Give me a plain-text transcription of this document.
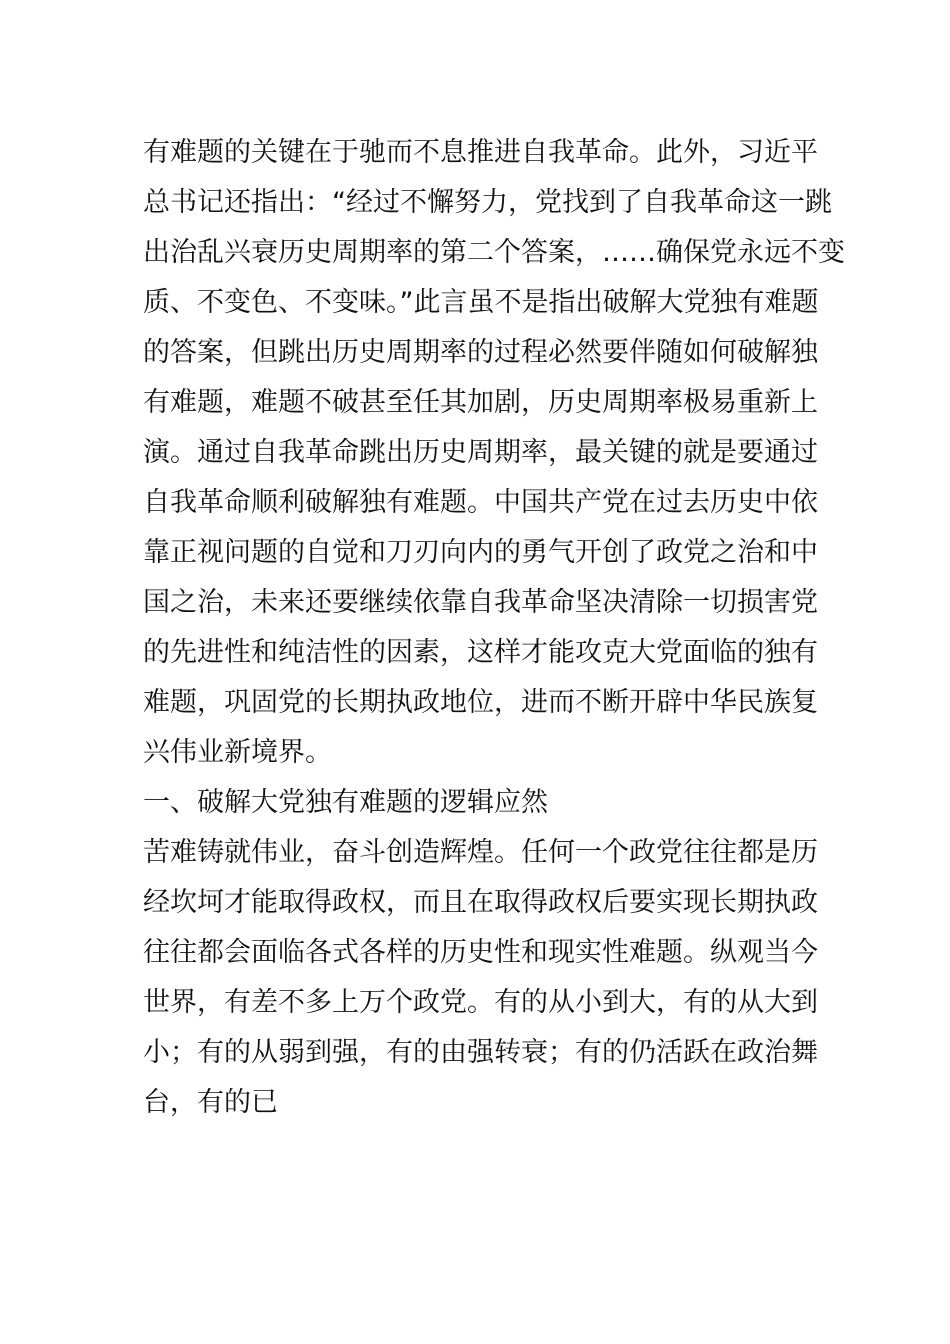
有难题的关键在于驰而不息推进自我革命。此外，习近平
总书记还指出：“经过不懈努力，党找到了自我革命这一跳
出治乱兴衰历史周期率的第二个答案，……确保党永远不变
质、不变色、不变味。”此言虽不是指出破解大党独有难题
的答案，但跳出历史周期率的过程必然要伴随如何破解独
有难题，难题不破甚至任其加剧，历史周期率极易重新上
演。通过自我革命跳出历史周期率，最关键的就是要通过
自我革命顺利破解独有难题。中国共产党在过去历史中依
靠正视问题的自觉和刀刃向内的勇气开创了政党之治和中
国之治，未来还要继续依靠自我革命坚决清除一切损害党
的先进性和纯洁性的因素，这样才能攻克大党面临的独有
难题，巩固党的长期执政地位，进而不断开辟中华民族复
兴伟业新境界。
一、破解大党独有难题的逻辑应然
苦难铸就伟业，奋斗创造辉煌。任何一个政党往往都是历
经坎坷才能取得政权，而且在取得政权后要实现长期执政
往往都会面临各式各样的历史性和现实性难题。纵观当今
世界，有差不多上万个政党。有的从小到大，有的从大到
小；有的从弱到强，有的由强转衰；有的仍活跃在政治舞
台，有的已
